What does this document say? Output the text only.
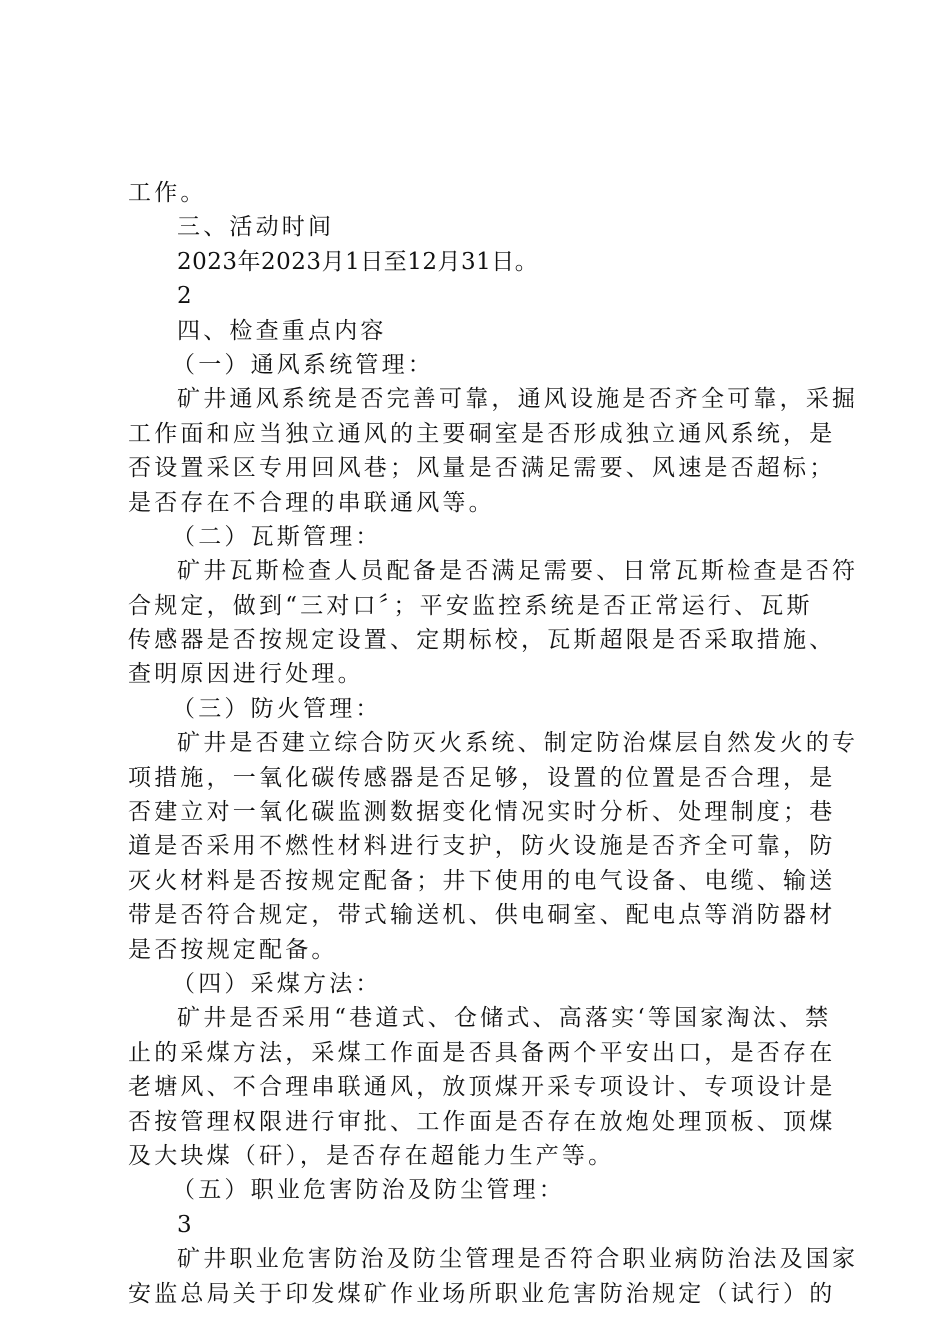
工作。
三、活动时间
2023年2023月1日至12月31日。
2
四、检查重点内容
（一）通风系统管理：
矿井通风系统是否完善可靠，通风设施是否齐全可靠，采掘
工作面和应当独立通风的主要硐室是否形成独立通风系统，是
否设置采区专用回风巷；风量是否满足需要、风速是否超标；
是否存在不合理的串联通风等。
（二）瓦斯管理：
矿井瓦斯检查人员配备是否满足需要、日常瓦斯检查是否符
合规定，做到“三对口〞；平安监控系统是否正常运行、瓦斯
传感器是否按规定设置、定期标校，瓦斯超限是否采取措施、
查明原因进行处理。
（三）防火管理：
矿井是否建立综合防灭火系统、制定防治煤层自然发火的专
项措施，一氧化碳传感器是否足够，设置的位置是否合理，是
否建立对一氧化碳监测数据变化情况实时分析、处理制度；巷
道是否采用不燃性材料进行支护，防火设施是否齐全可靠，防
灭火材料是否按规定配备；井下使用的电气设备、电缆、输送
带是否符合规定，带式输送机、供电硐室、配电点等消防器材
是否按规定配备。
（四）采煤方法：
矿井是否采用“巷道式、仓储式、高落实‘等国家淘汰、禁
止的采煤方法，采煤工作面是否具备两个平安出口，是否存在
老塘风、不合理串联通风，放顶煤开采专项设计、专项设计是
否按管理权限进行审批、工作面是否存在放炮处理顶板、顶煤
及大块煤（矸），是否存在超能力生产等。
（五）职业危害防治及防尘管理：
3
矿井职业危害防治及防尘管理是否符合职业病防治法及国家
安监总局关于印发煤矿作业场所职业危害防治规定（试行）的
